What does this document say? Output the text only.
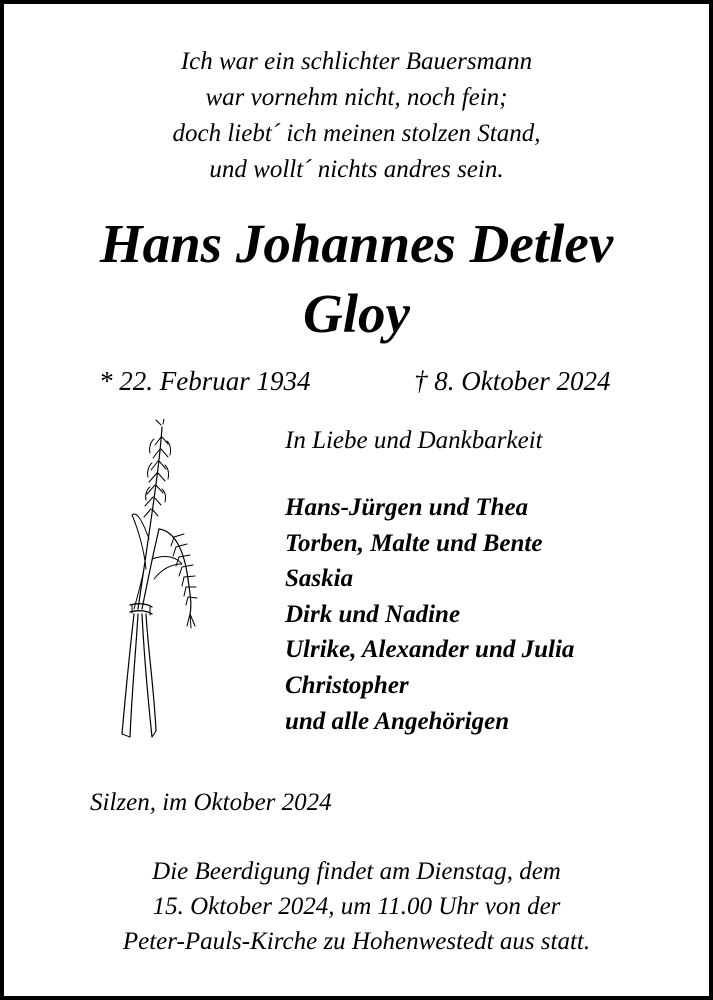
Ich war ein schlichter Bauersmann
war vornehm nicht, noch fein;
doch liebt´ ich meinen stolzen Stand,
und wollt´ nichts andres sein.
Hans Johannes Detlev
Gloy
* 22. Februar 1934	† 8. Oktober 2024
In Liebe und Dankbarkeit
Hans-Jürgen und Thea
Torben, Malte und Bente
Saskia
Dirk und Nadine
Ulrike, Alexander und Julia
Christopher
und alle Angehörigen
Silzen, im Oktober 2024
Die Beerdigung findet am Dienstag, dem
15. Oktober 2024, um 11.00 Uhr von der
Peter-Pauls-Kirche zu Hohenwestedt aus statt.
